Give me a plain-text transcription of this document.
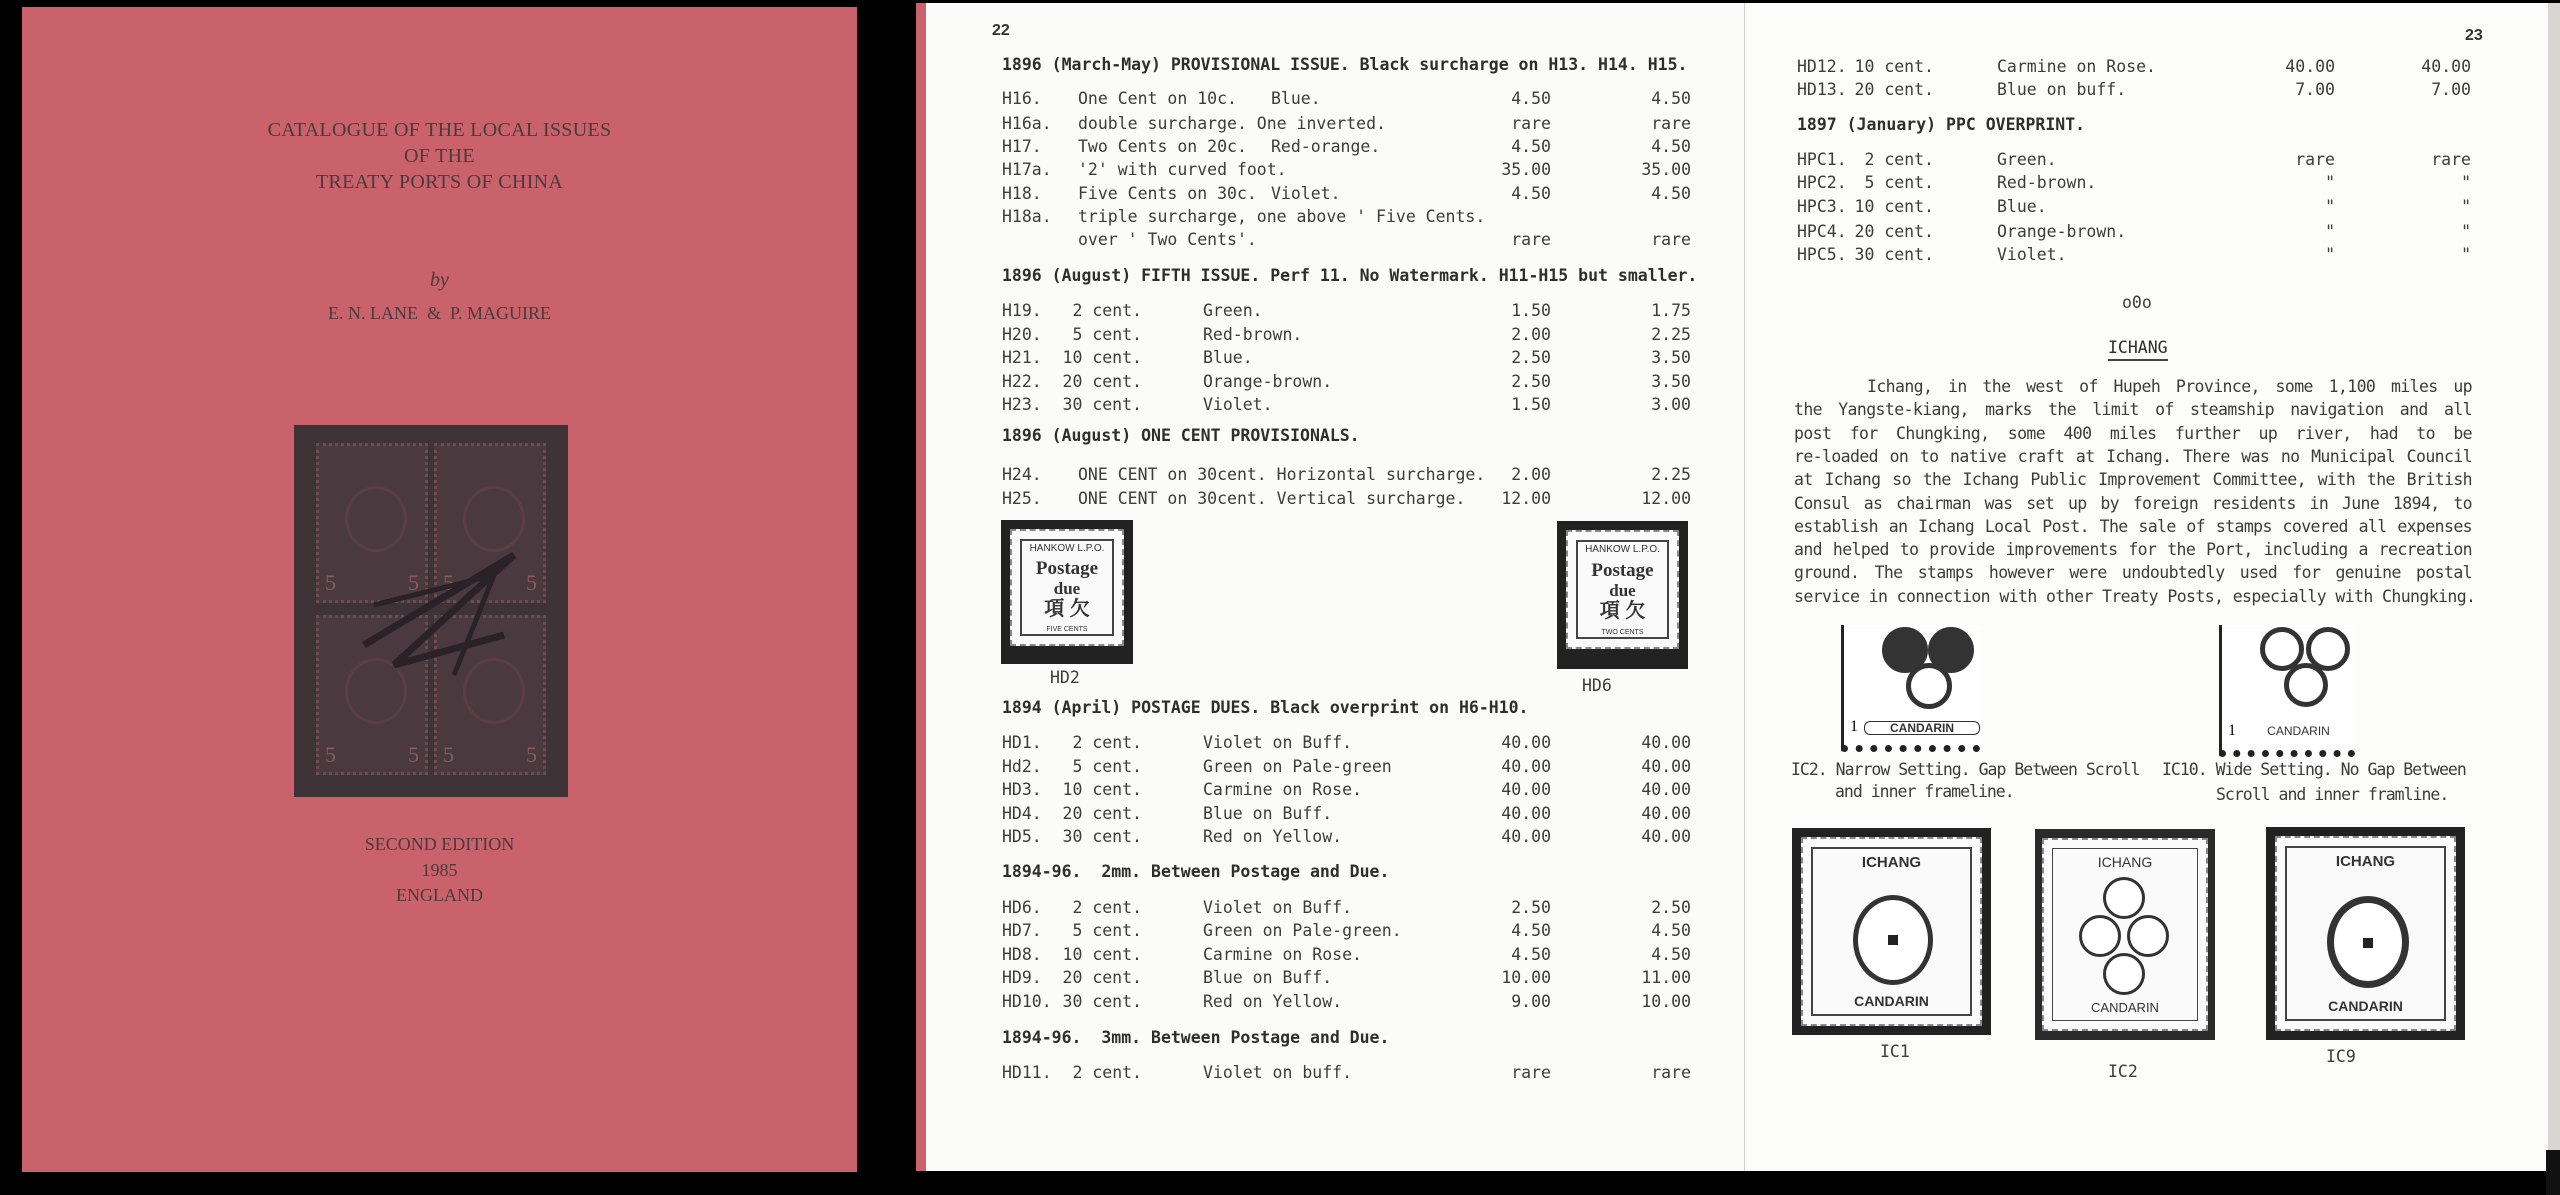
CATALOGUE OF THE LOCAL ISSUES
OF THE
TREATY PORTS OF CHINA
by
E. N. LANE  &  P. MAGUIRE
5	5 5	5
5	5 5	5
SECOND EDITION
1985
ENGLAND
22	23
1896 (March-May) PROVISIONAL ISSUE. Black surcharge on H13. H14. H15.
H16. One Cent on 10c. Blue.	4.50	4.50
H16a. double surcharge. One inverted.	rare	rare
H17. Two Cents on 20c. Red-orange.	4.50	4.50
H17a. '2' with curved foot.	35.00	35.00
H18. Five Cents on 30c. Violet.	4.50	4.50
H18a. triple surcharge, one above ' Five Cents.
over ' Two Cents'.	rare	rare
1896 (August) FIFTH ISSUE. Perf 11. No Watermark. H11-H15 but smaller.
H19. 2 cent.	Green.	1.50	1.75
H20. 5 cent.	Red-brown.	2.00	2.25
H21. 10 cent.	Blue.	2.50	3.50
H22. 20 cent.	Orange-brown.	2.50	3.50
H23. 30 cent.	Violet.	1.50	3.00
1896 (August) ONE CENT PROVISIONALS.
H24. ONE CENT on 30cent. Horizontal surcharge. 2.00	2.25
H25. ONE CENT on 30cent. Vertical surcharge. 12.00	12.00
1894 (April) POSTAGE DUES. Black overprint on H6-H10.
HD1. 2 cent.	Violet on Buff.	40.00	40.00
Hd2. 5 cent.	Green on Pale-green	40.00	40.00
HD3. 10 cent.	Carmine on Rose.	40.00	40.00
HD4. 20 cent.	Blue on Buff.	40.00	40.00
HD5. 30 cent.	Red on Yellow.	40.00	40.00
1894-96.  2mm. Between Postage and Due.
HD6. 2 cent.	Violet on Buff.	2.50	2.50
HD7. 5 cent.	Green on Pale-green.	4.50	4.50
HD8. 10 cent.	Carmine on Rose.	4.50	4.50
HD9. 20 cent.	Blue on Buff.	10.00	11.00
HD10. 30 cent.	Red on Yellow.	9.00	10.00
1894-96.  3mm. Between Postage and Due.
HD11. 2 cent.	Violet on buff.	rare	rare
HD12. 10 cent.	Carmine on Rose.	40.00	40.00
HD13. 20 cent.	Blue on buff.	7.00	7.00
1897 (January) PPC OVERPRINT.
HPC1. 2 cent.	Green.	rare	rare
HPC2. 5 cent.	Red-brown.	"	"
HPC3. 10 cent.	Blue.	"	"
HPC4. 20 cent.	Orange-brown.	"	"
HPC5. 30 cent.	Violet.	"	"
HANKOW L.P.O.
Postage
due
項 欠
FIVE CENTS
HD2
HANKOW L.P.O.
Postage
due
項 欠
TWO CENTS
HD6
o0o
ICHANG
Ichang, in the west of Hupeh Province, some 1,100 miles up
the Yangste-kiang, marks the limit of steamship navigation and all
post for Chungking, some 400 miles further up river, had to be
re-loaded on to native craft at Ichang. There was no Municipal Council
at Ichang so the Ichang Public Improvement Committee, with the British
Consul as chairman was set up by foreign residents in June 1894, to
establish an Ichang Local Post. The sale of stamps covered all expenses
and helped to provide improvements for the Port, including a recreation
ground. The stamps however were undoubtedly used for genuine postal
service in connection with other Treaty Posts, especially with Chungking.
CANDARIN
1	CANDARIN
1
IC2. Narrow Setting. Gap Between Scroll
and inner frameline.
IC10. Wide Setting. No Gap Between
Scroll and inner framline.
ICHANG
CANDARIN
ICHANG
CANDARIN
ICHANG
CANDARIN
IC1
IC2
IC9
